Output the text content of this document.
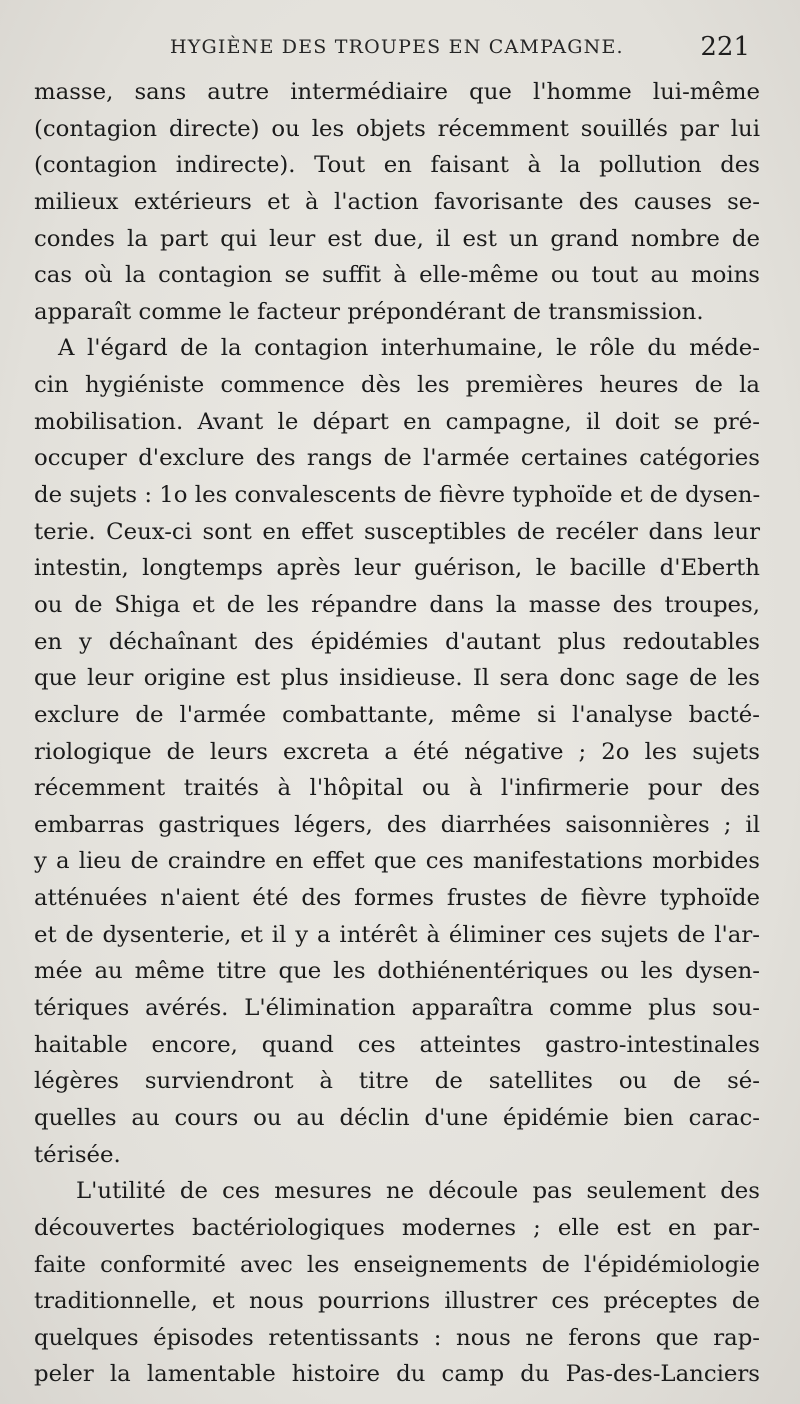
HYGIÈNE DES TROUPES EN CAMPAGNE.	221
masse, sans autre intermédiaire que l'homme lui-même
(contagion directe) ou les objets récemment souillés par lui
(contagion indirecte). Tout en faisant à la pollution des
milieux extérieurs et à l'action favorisante des causes se-
condes la part qui leur est due, il est un grand nombre de
cas où la contagion se suffit à elle-même ou tout au moins
apparaît comme le facteur prépondérant de transmission.
A l'égard de la contagion interhumaine, le rôle du méde-
cin hygiéniste commence dès les premières heures de la
mobilisation. Avant le départ en campagne, il doit se pré-
occuper d'exclure des rangs de l'armée certaines catégories
de sujets : 1o les convalescents de fièvre typhoïde et de dysen-
terie. Ceux-ci sont en effet susceptibles de recéler dans leur
intestin, longtemps après leur guérison, le bacille d'Eberth
ou de Shiga et de les répandre dans la masse des troupes,
en y déchaînant des épidémies d'autant plus redoutables
que leur origine est plus insidieuse. Il sera donc sage de les
exclure de l'armée combattante, même si l'analyse bacté-
riologique de leurs excreta a été négative ; 2o les sujets
récemment traités à l'hôpital ou à l'infirmerie pour des
embarras gastriques légers, des diarrhées saisonnières ; il
y a lieu de craindre en effet que ces manifestations morbides
atténuées n'aient été des formes frustes de fièvre typhoïde
et de dysenterie, et il y a intérêt à éliminer ces sujets de l'ar-
mée au même titre que les dothiénentériques ou les dysen-
tériques avérés. L'élimination apparaîtra comme plus sou-
haitable encore, quand ces atteintes gastro-intestinales
légères surviendront à titre de satellites ou de sé-
quelles au cours ou au déclin d'une épidémie bien carac-
térisée.
L'utilité de ces mesures ne découle pas seulement des
découvertes bactériologiques modernes ; elle est en par-
faite conformité avec les enseignements de l'épidémiologie
traditionnelle, et nous pourrions illustrer ces préceptes de
quelques épisodes retentissants : nous ne ferons que rap-
peler la lamentable histoire du camp du Pas-des-Lanciers
